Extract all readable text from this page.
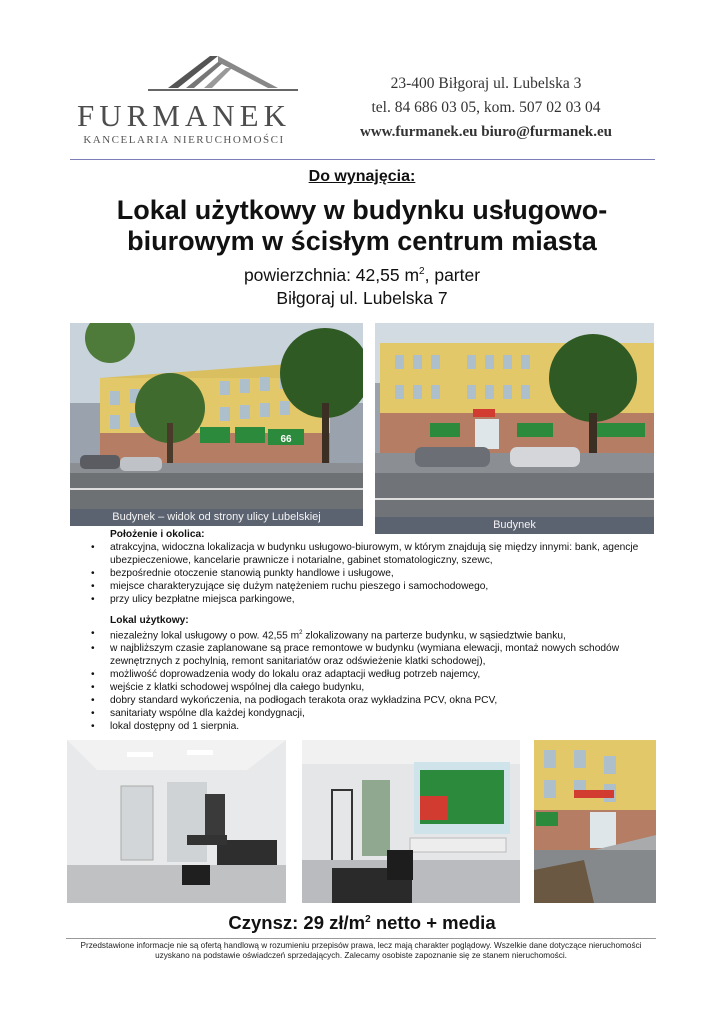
FURMANEK
KANCELARIA NIERUCHOMOŚCI
23-400 Biłgoraj ul. Lubelska 3
tel. 84 686 03 05, kom. 507 02 03 04
www.furmanek.eu biuro@furmanek.eu
Do wynajęcia:
Lokal użytkowy w budynku usługowo-biurowym w ścisłym centrum miasta
powierzchnia: 42,55 $m^2$, parter
Biłgoraj ul. Lubelska 7
66
Budynek – widok od strony ulicy Lubelskiej
Budynek
Położenie i okolica:
• atrakcyjna, widoczna lokalizacja w budynku usługowo-biurowym, w którym znajdują się między innymi: bank, agencje ubezpieczeniowe, kancelarie prawnicze i notarialne, gabinet stomatologiczny, szewc,
• bezpośrednie otoczenie stanowią punkty handlowe i usługowe,
• miejsce charakteryzujące się dużym natężeniem ruchu pieszego i samochodowego,
• przy ulicy bezpłatne miejsca parkingowe,
Lokal użytkowy:
• niezależny lokal usługowy o pow. 42,55 $m^2$ zlokalizowany na parterze budynku, w sąsiedztwie banku,
• w najbliższym czasie zaplanowane są prace remontowe w budynku (wymiana elewacji, montaż nowych schodów zewnętrznych z pochylnią, remont sanitariatów oraz odświeżenie klatki schodowej),
• możliwość doprowadzenia wody do lokalu oraz adaptacji według potrzeb najemcy,
• wejście z klatki schodowej wspólnej dla całego budynku,
• dobry standard wykończenia, na podłogach terakota oraz wykładzina PCV, okna PCV,
• sanitariaty wspólne dla każdej kondygnacji,
• lokal dostępny od 1 sierpnia.
Czynsz: 29 $zł/m^2$ netto + media
Przedstawione informacje nie są ofertą handlową w rozumieniu przepisów prawa, lecz mają charakter poglądowy. Wszelkie dane dotyczące nieruchomości uzyskano na podstawie oświadczeń sprzedających. Zalecamy osobiste zapoznanie się ze stanem nieruchomości.
